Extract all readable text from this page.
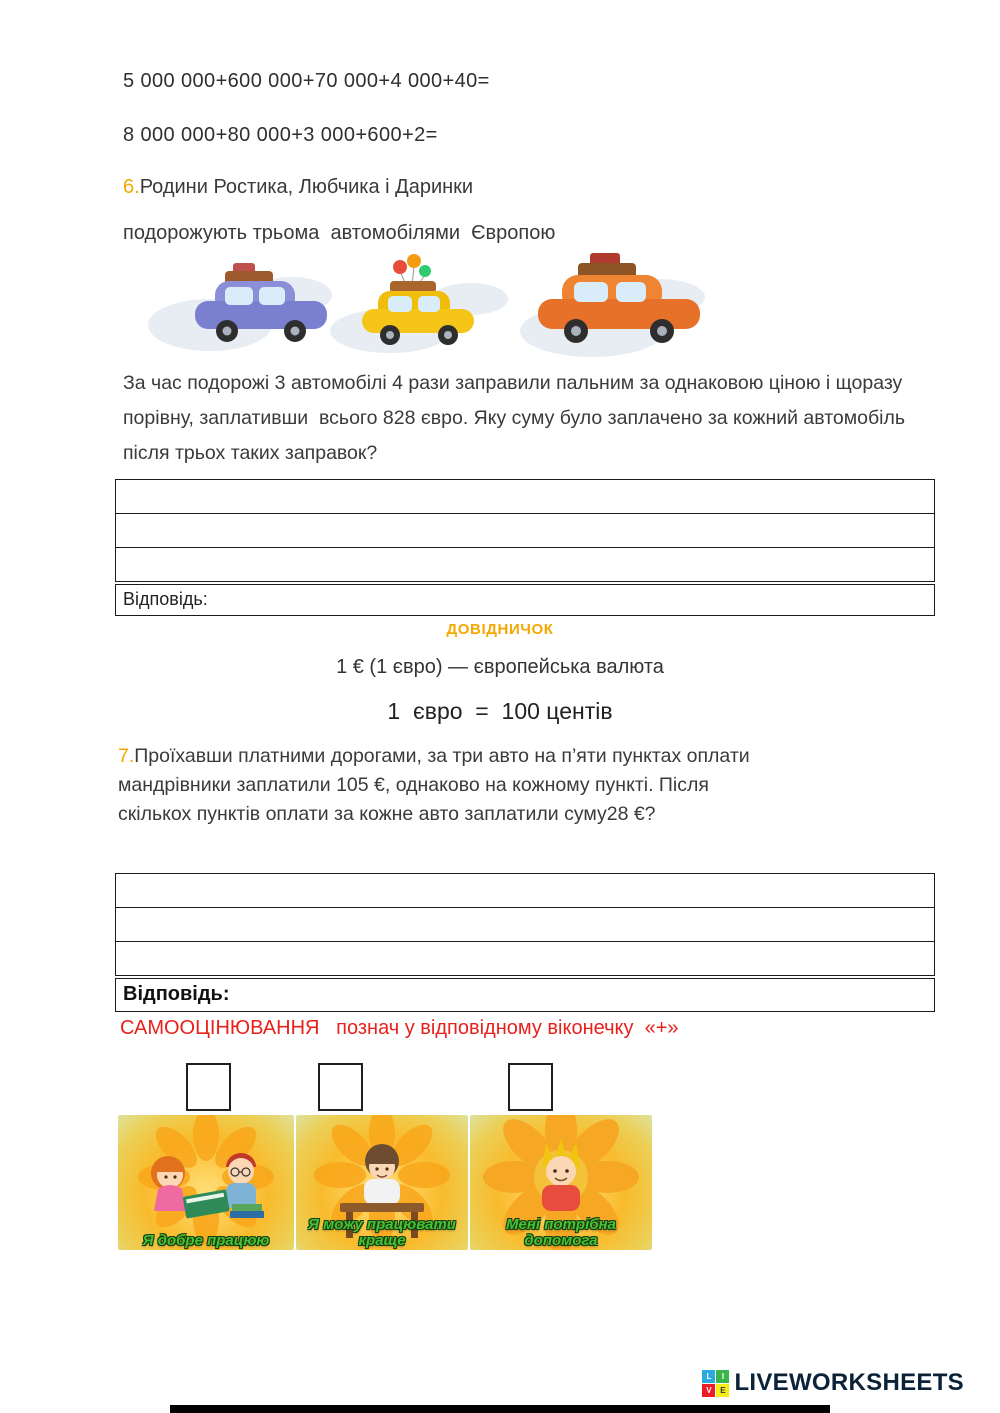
5 000 000+600 000+70 000+4 000+40=
8 000 000+80 000+3 000+600+2=
6.Родини Ростика, Любчика і Даринки
подорожують трьома  автомобілями  Європою
За час подорожі 3 автомобілі 4 рази заправили пальним за однаковою ціною і щоразу порівну, заплативши  всього 828 євро. Яку суму було заплачено за кожний автомобіль після трьох таких заправок?
Відповідь:
ДОВІДНИЧОК
1 € (1 євро) — європейська валюта
1  євро  =  100 центів
7.Проїхавши платними дорогами, за три авто на п’яти пунктах оплати мандрівники заплатили 105 €, однаково на кожному пункті. Після скількох пунктів оплати за кожне авто заплатили суму28 €?
Відповідь:
САМООЦІНЮВАННЯ   познач у відповідному віконечку  «+»
Я добре працюю
Я можу працювати краще
Мені потрібна допомога
L	I
V	E LIVEWORKSHEETS
